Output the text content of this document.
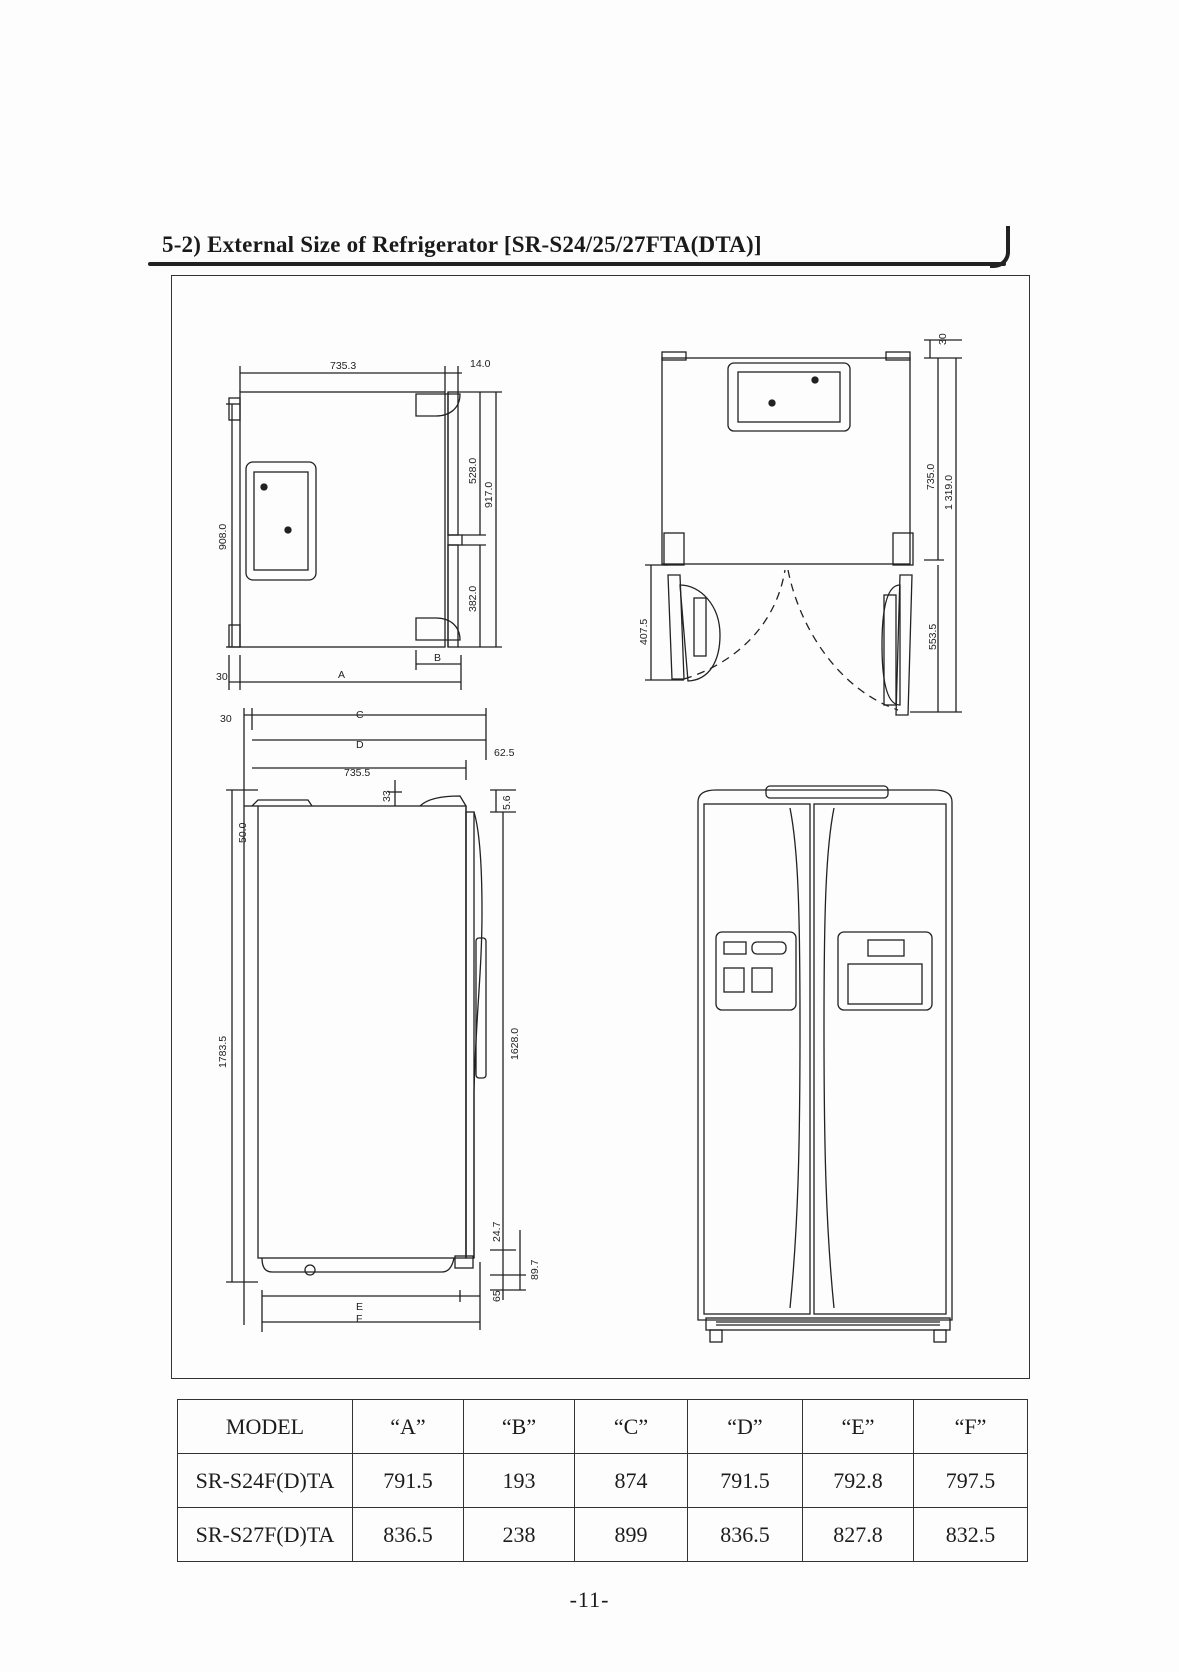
5-2) External Size of Refrigerator [SR-S24/25/27FTA(DTA)]
735.3	14.0
908.0
528.0
917.0
382.0
30	A
B
30
735.0 1 319.0
407.5	553.5
30	C
D
62.5
735.5
33	5.6
50.0
1783.5	1628.0
24.7
89.7
65
E
F
MODEL	“A”	“B”	“C”	“D”	“E”	“F”
SR-S24F(D)TA	791.5	193	874	791.5	792.8	797.5
SR-S27F(D)TA	836.5	238	899	836.5	827.8	832.5
-11-
